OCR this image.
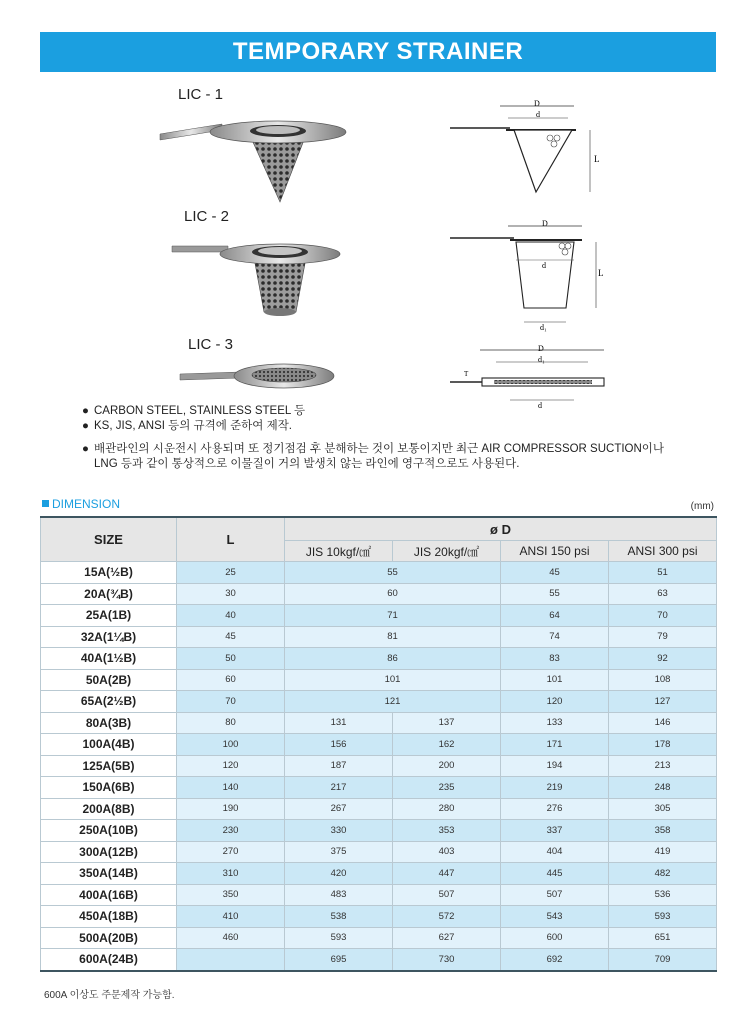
TEMPORARY STRAINER
LIC - 1
D
d
L
LIC - 2	D
d
d₁
L
LIC - 3	D
d₁
T
d
● CARBON STEEL, STAINLESS STEEL 등
● KS, JIS, ANSI 등의 규격에 준하여 제작.
● 배관라인의 시운전시 사용되며 또 정기점검 후 분해하는 것이 보통이지만 최근 AIR COMPRESSOR SUCTION이나
LNG 등과 같이 통상적으로 이물질이 거의 발생치 않는 라인에 영구적으로도 사용된다.
DIMENSION	(mm)
SIZE	L	ø D			
		JIS 10kgf/㎠	JIS 20kgf/㎠	ANSI 150 psi	ANSI 300 psi
15A(½B)	25	55		45	51
20A(¾B)	30	60		55	63
25A(1B)	40	71		64	70
32A(1¼B)	45	81		74	79
40A(1½B)	50	86		83	92
50A(2B)	60	101		101	108
65A(2½B)	70	121		120	127
80A(3B)	80	131	137	133	146
100A(4B)	100	156	162	171	178
125A(5B)	120	187	200	194	213
150A(6B)	140	217	235	219	248
200A(8B)	190	267	280	276	305
250A(10B)	230	330	353	337	358
300A(12B)	270	375	403	404	419
350A(14B)	310	420	447	445	482
400A(16B)	350	483	507	507	536
450A(18B)	410	538	572	543	593
500A(20B)	460	593	627	600	651
600A(24B)		695	730	692	709
600A 이상도 주문제작 가능함.
